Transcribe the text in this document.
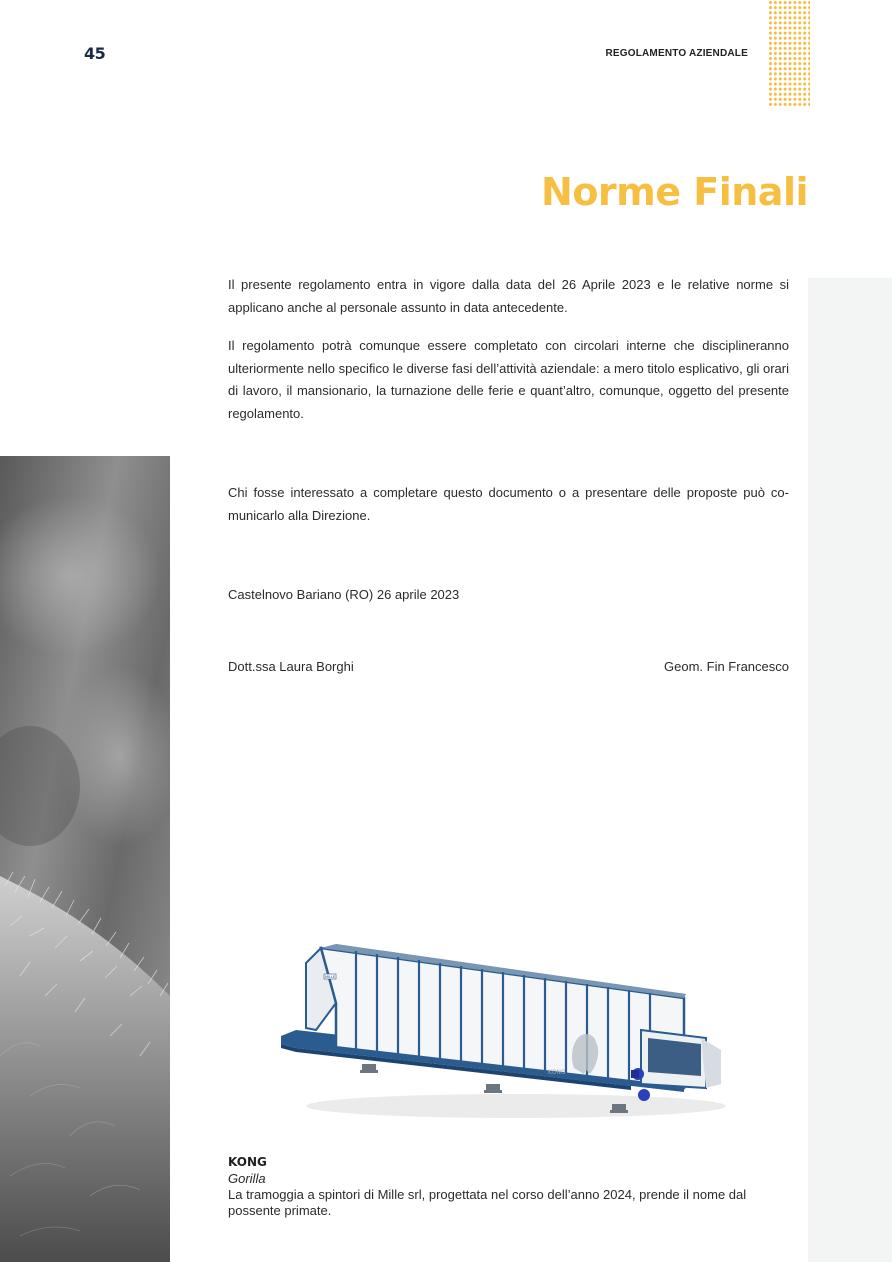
45	REGOLAMENTO AZIENDALE
Norme Finali

Il presente regolamento entra in vigore dalla data del 26 Aprile 2023 e le relative norme si applicano anche al personale assunto in data antecedente.

Il regolamento potrà comunque essere completato con circolari interne che disciplineranno ulteriormente nello specifico le diverse fasi dell’attività aziendale: a mero titolo esplicativo, gli orari di lavoro, il mansionario, la turnazione delle ferie e quant’altro, comunque, oggetto del presente regolamento.

Chi fosse interessato a completare questo documento o a presentare delle proposte può co-municarlo alla Direzione.

Castelnovo Bariano (RO) 26 aprile 2023

Dott.ssa Laura Borghi	Geom. Fin Francesco
KONG
MILLE
KONG
Gorilla
La tramoggia a spintori di Mille srl, progettata nel corso dell’anno 2024, prende il nome dal possente primate.
